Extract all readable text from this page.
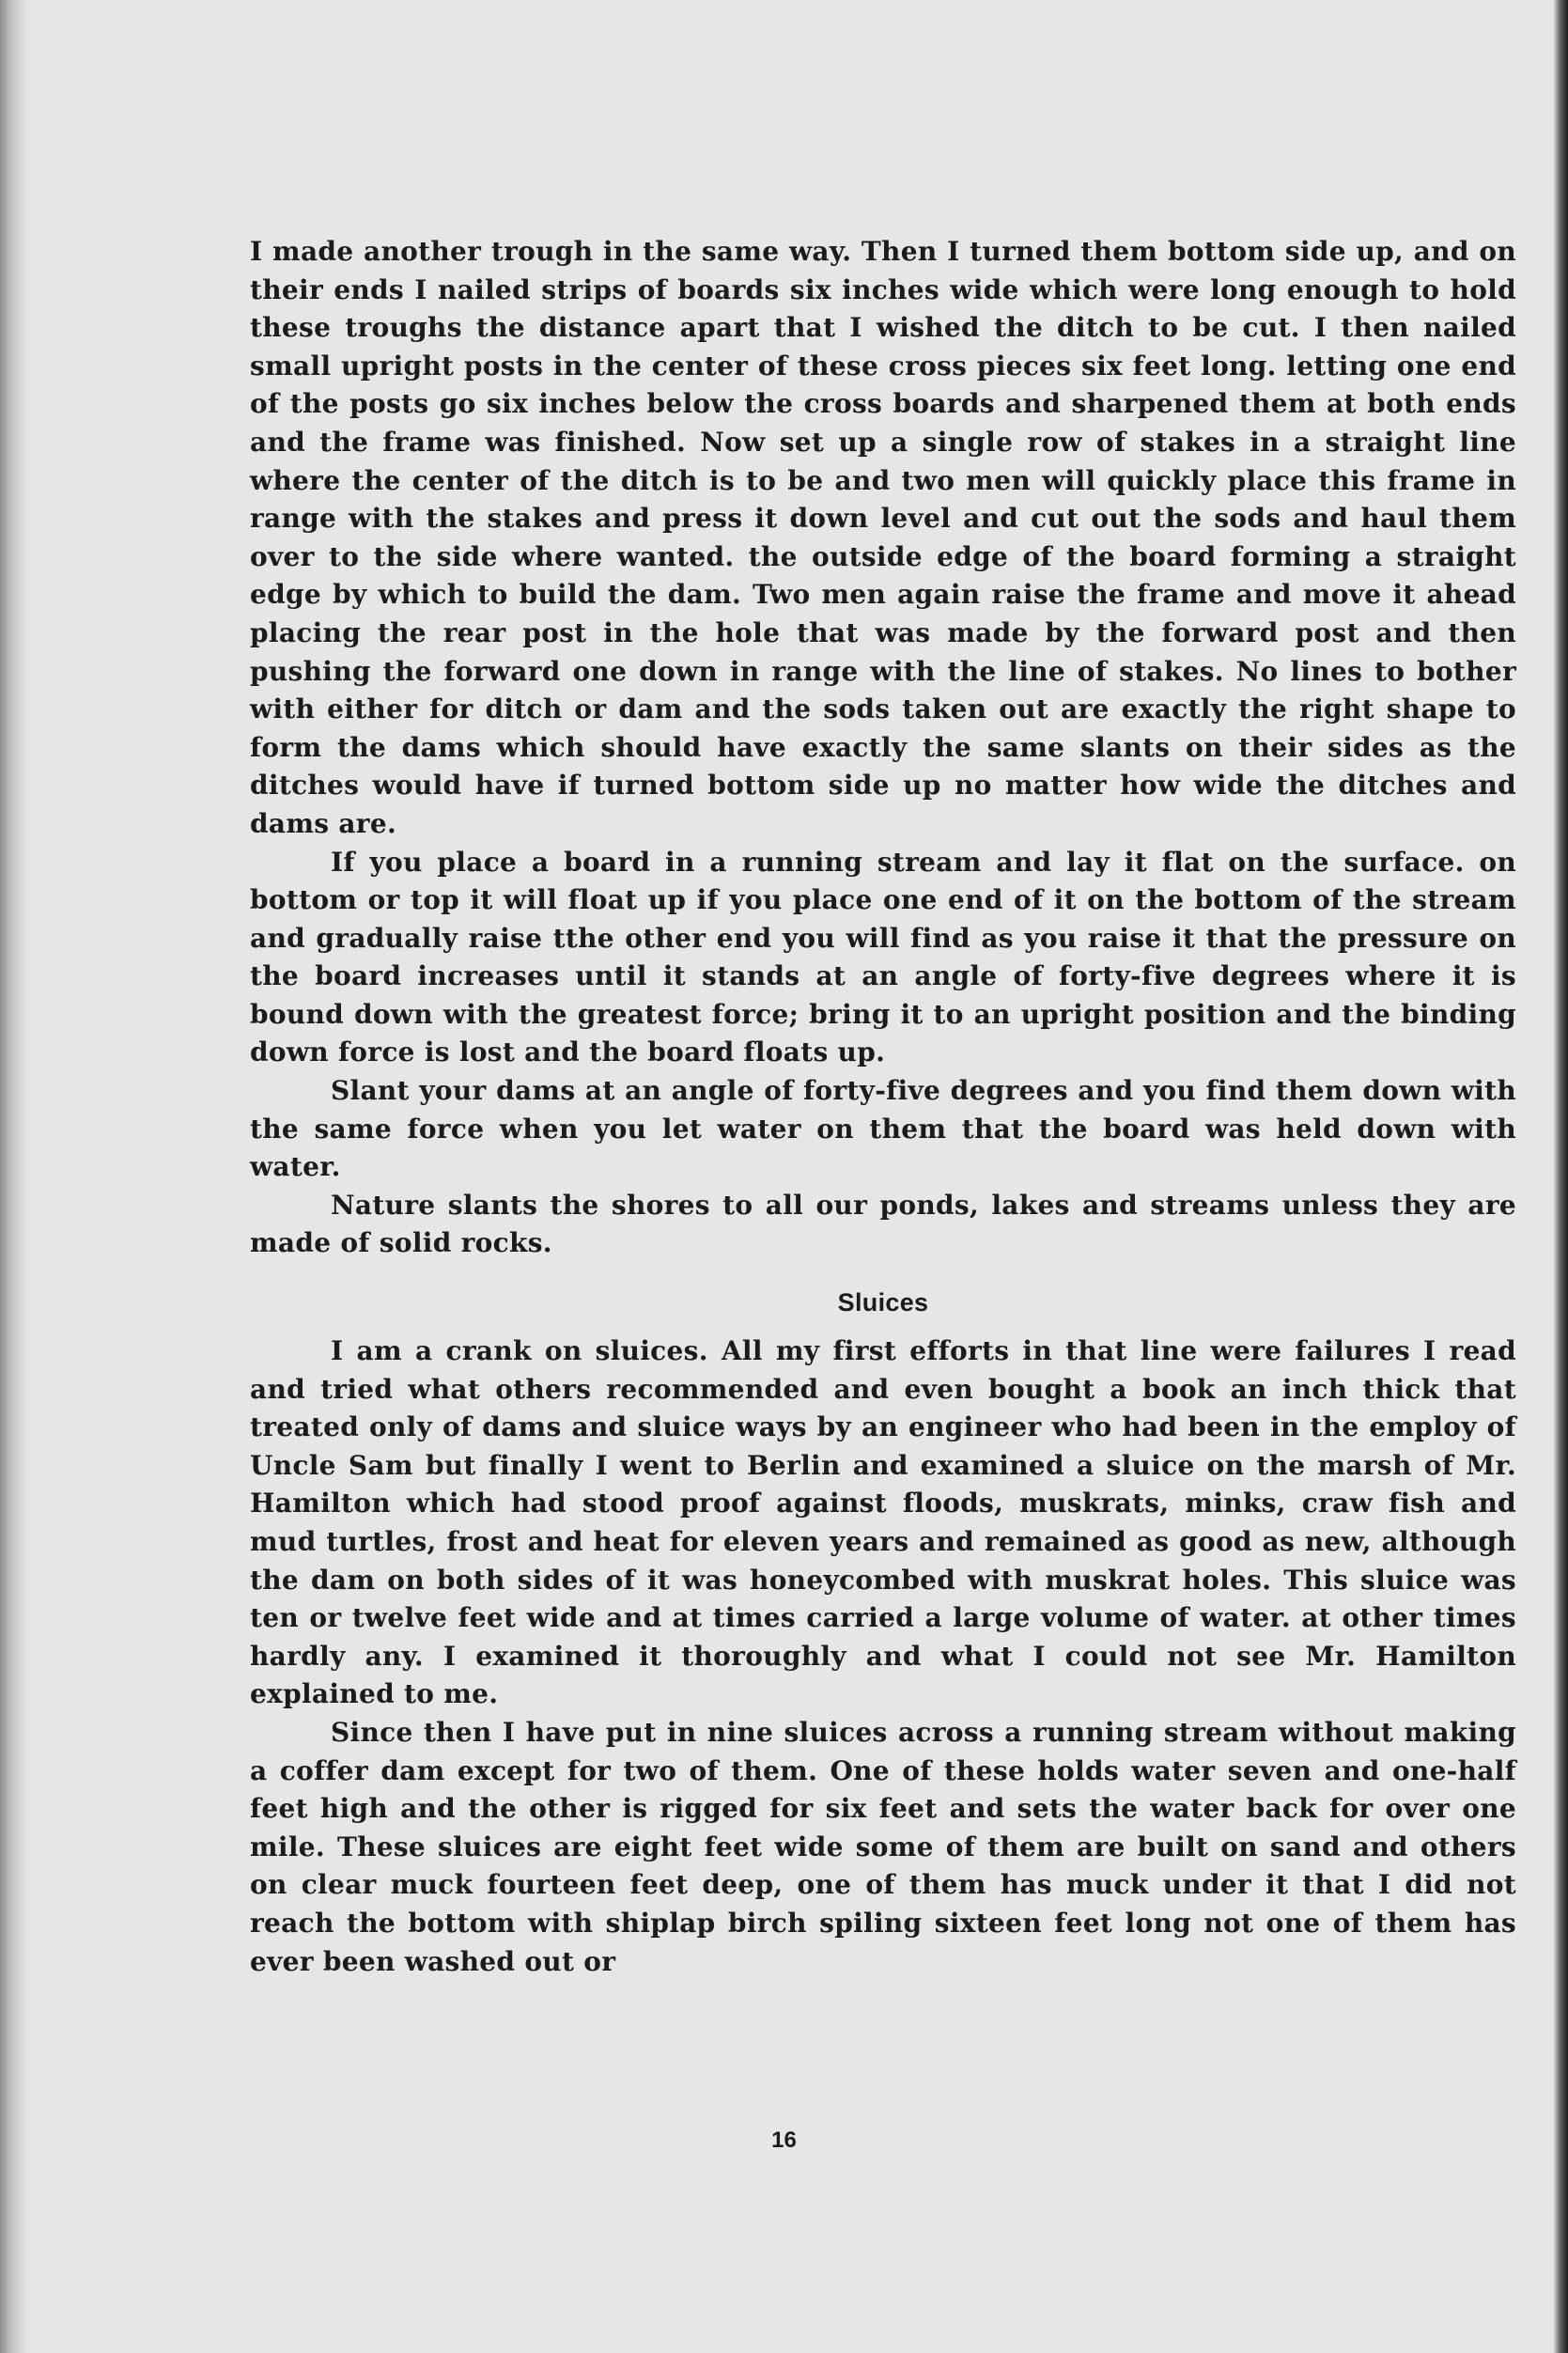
I made another trough in the same way. Then I turned them bottom side up, and on their ends I nailed strips of boards six inches wide which were long enough to hold these troughs the distance apart that I wished the ditch to be cut. I then nailed small upright posts in the center of these cross pieces six feet long. letting one end of the posts go six inches below the cross boards and sharpened them at both ends and the frame was finished. Now set up a single row of stakes in a straight line where the center of the ditch is to be and two men will quickly place this frame in range with the stakes and press it down level and cut out the sods and haul them over to the side where wanted. the outside edge of the board forming a straight edge by which to build the dam. Two men again raise the frame and move it ahead placing the rear post in the hole that was made by the forward post and then pushing the forward one down in range with the line of stakes. No lines to bother with either for ditch or dam and the sods taken out are exactly the right shape to form the dams which should have exactly the same slants on their sides as the ditches would have if turned bottom side up no matter how wide the ditches and dams are.

If you place a board in a running stream and lay it flat on the surface. on bottom or top it will float up if you place one end of it on the bottom of the stream and gradually raise tthe other end you will find as you raise it that the pressure on the board increases until it stands at an angle of forty-five degrees where it is bound down with the greatest force; bring it to an upright position and the binding down force is lost and the board floats up.

Slant your dams at an angle of forty-five degrees and you find them down with the same force when you let water on them that the board was held down with water.

Nature slants the shores to all our ponds, lakes and streams unless they are made of solid rocks.

Sluices

I am a crank on sluices. All my first efforts in that line were failures I read and tried what others recommended and even bought a book an inch thick that treated only of dams and sluice ways by an engineer who had been in the employ of Uncle Sam but finally I went to Berlin and examined a sluice on the marsh of Mr. Hamilton which had stood proof against floods, muskrats, minks, craw fish and mud turtles, frost and heat for eleven years and remained as good as new, although the dam on both sides of it was honeycombed with muskrat holes. This sluice was ten or twelve feet wide and at times carried a large volume of water. at other times hardly any. I examined it thoroughly and what I could not see Mr. Hamilton explained to me.

Since then I have put in nine sluices across a running stream without making a coffer dam except for two of them. One of these holds water seven and one-half feet high and the other is rigged for six feet and sets the water back for over one mile. These sluices are eight feet wide some of them are built on sand and others on clear muck fourteen feet deep, one of them has muck under it that I did not reach the bottom with shiplap birch spiling sixteen feet long not one of them has ever been washed out or

16
